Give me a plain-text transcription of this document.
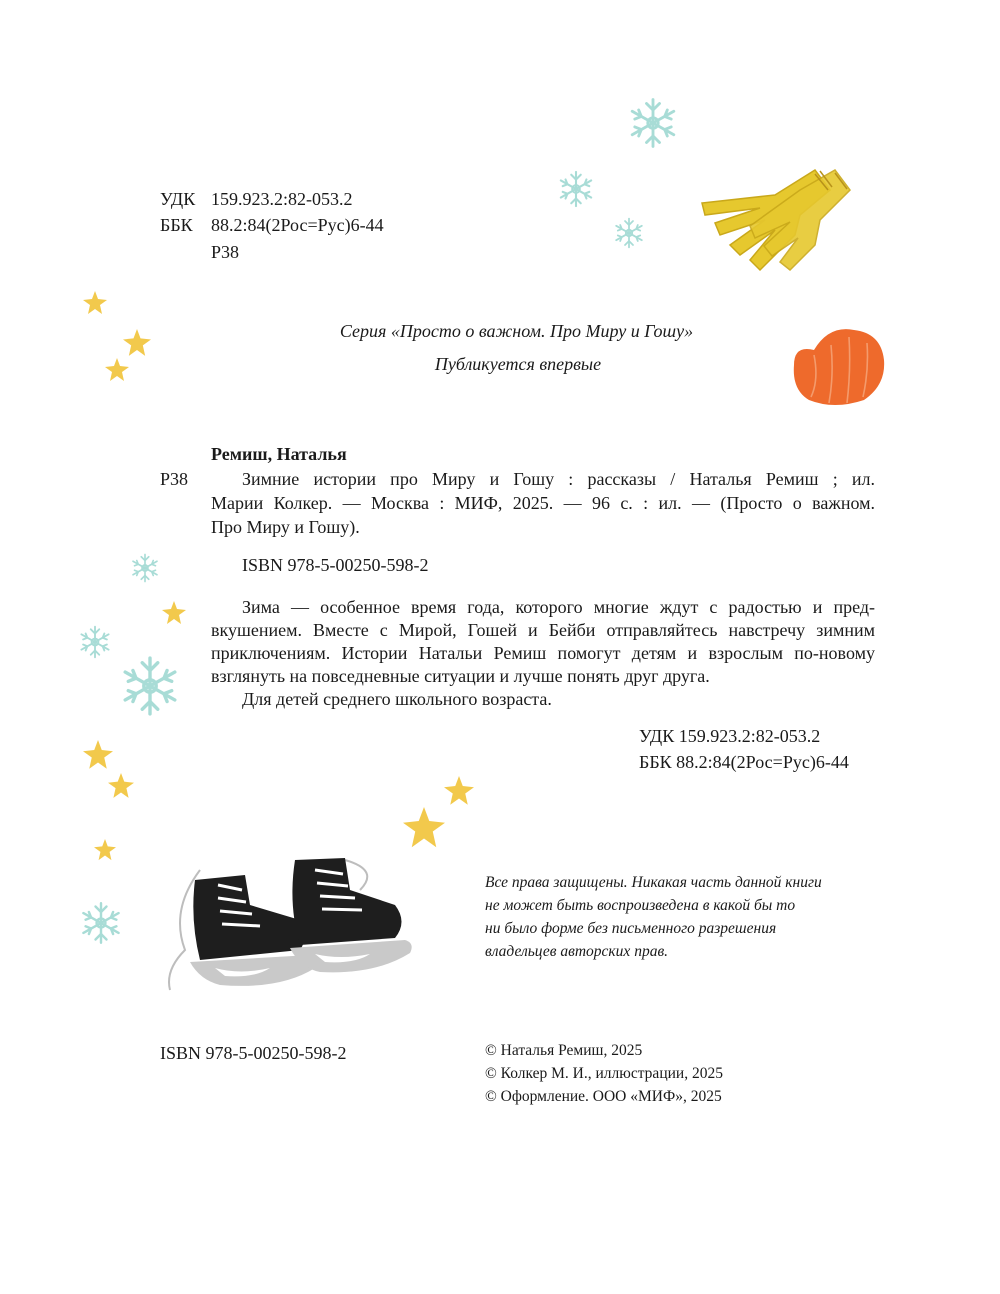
УДК 159.923.2:82-053.2
ББК 88.2:84(2Рос=Рус)6-44
Р38
Серия «Просто о важном. Про Миру и Гошу»
Публикуется впервые
Ремиш, Наталья
Р38	Зимние истории про Миру и Гошу : рассказы / Наталья Ремиш ; ил.
Марии Колкер. — Москва : МИФ, 2025. — 96 с. : ил. — (Просто о важном.
Про Миру и Гошу).
ISBN 978-5-00250-598-2
Зима — особенное время года, которого многие ждут с радостью и пред-
вкушением. Вместе с Мирой, Гошей и Бейби отправляйтесь навстречу зимним
приключениям. Истории Натальи Ремиш помогут детям и взрослым по-новому
взглянуть на повседневные ситуации и лучше понять друг друга.
Для детей среднего школьного возраста.
УДК 159.923.2:82-053.2
ББК 88.2:84(2Рос=Рус)6-44
Все права защищены. Никакая часть данной книги
не может быть воспроизведена в какой бы то
ни было форме без письменного разрешения
владельцев авторских прав.
ISBN 978-5-00250-598-2	© Наталья Ремиш, 2025
© Колкер М. И., иллюстрации, 2025
© Оформление. ООО «МИФ», 2025
